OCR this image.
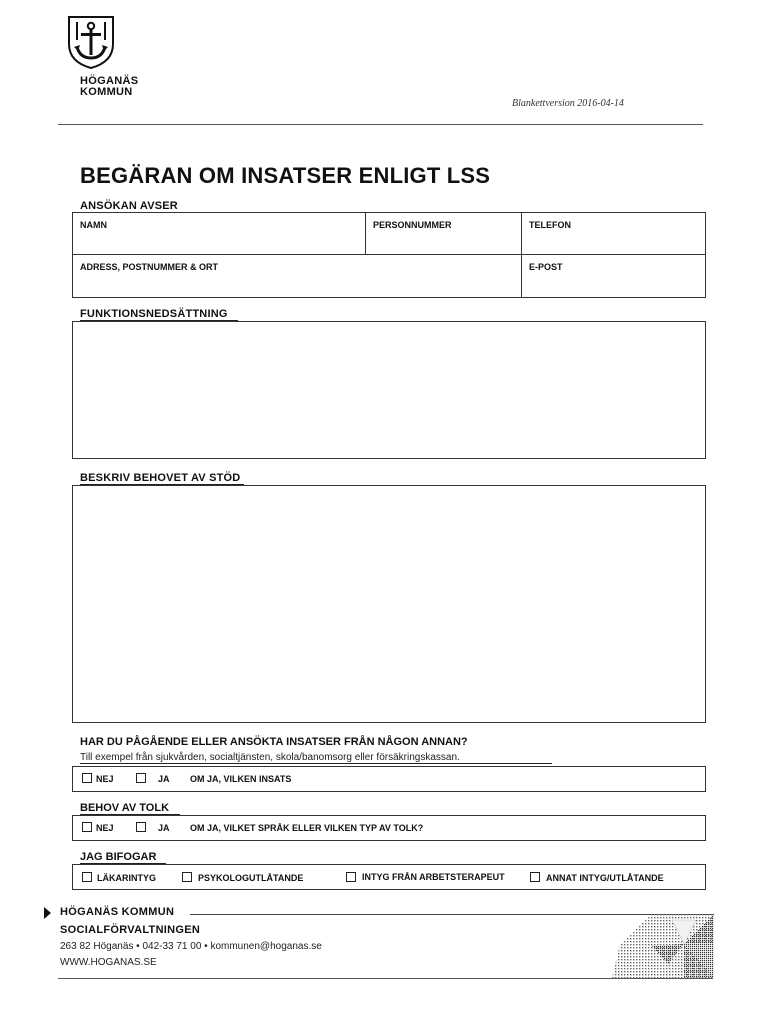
HÖGANÄS
KOMMUN
Blankettversion 2016-04-14
BEGÄRAN OM INSATSER ENLIGT LSS
ANSÖKAN AVSER
NAMN	PERSONNUMMER	TELEFON
ADRESS, POSTNUMMER & ORT	E-POST
FUNKTIONSNEDSÄTTNING
BESKRIV BEHOVET AV STÖD
HAR DU PÅGÅENDE ELLER ANSÖKTA INSATSER FRÅN NÅGON ANNAN?
Till exempel från sjukvården, socialtjänsten, skola/banomsorg eller försäkringskassan.
NEJ	JA OM JA, VILKEN INSATS
BEHOV AV TOLK
NEJ	JA OM JA, VILKET SPRÅK ELLER VILKEN TYP AV TOLK?
JAG BIFOGAR
LÄKARINTYG	PSYKOLOGUTLÅTANDE	INTYG FRÅN ARBETSTERAPEUT	ANNAT INTYG/UTLÅTANDE
HÖGANÄS KOMMUN
SOCIALFÖRVALTNINGEN
263 82 Höganäs • 042-33 71 00 • kommunen@hoganas.se
WWW.HOGANAS.SE
